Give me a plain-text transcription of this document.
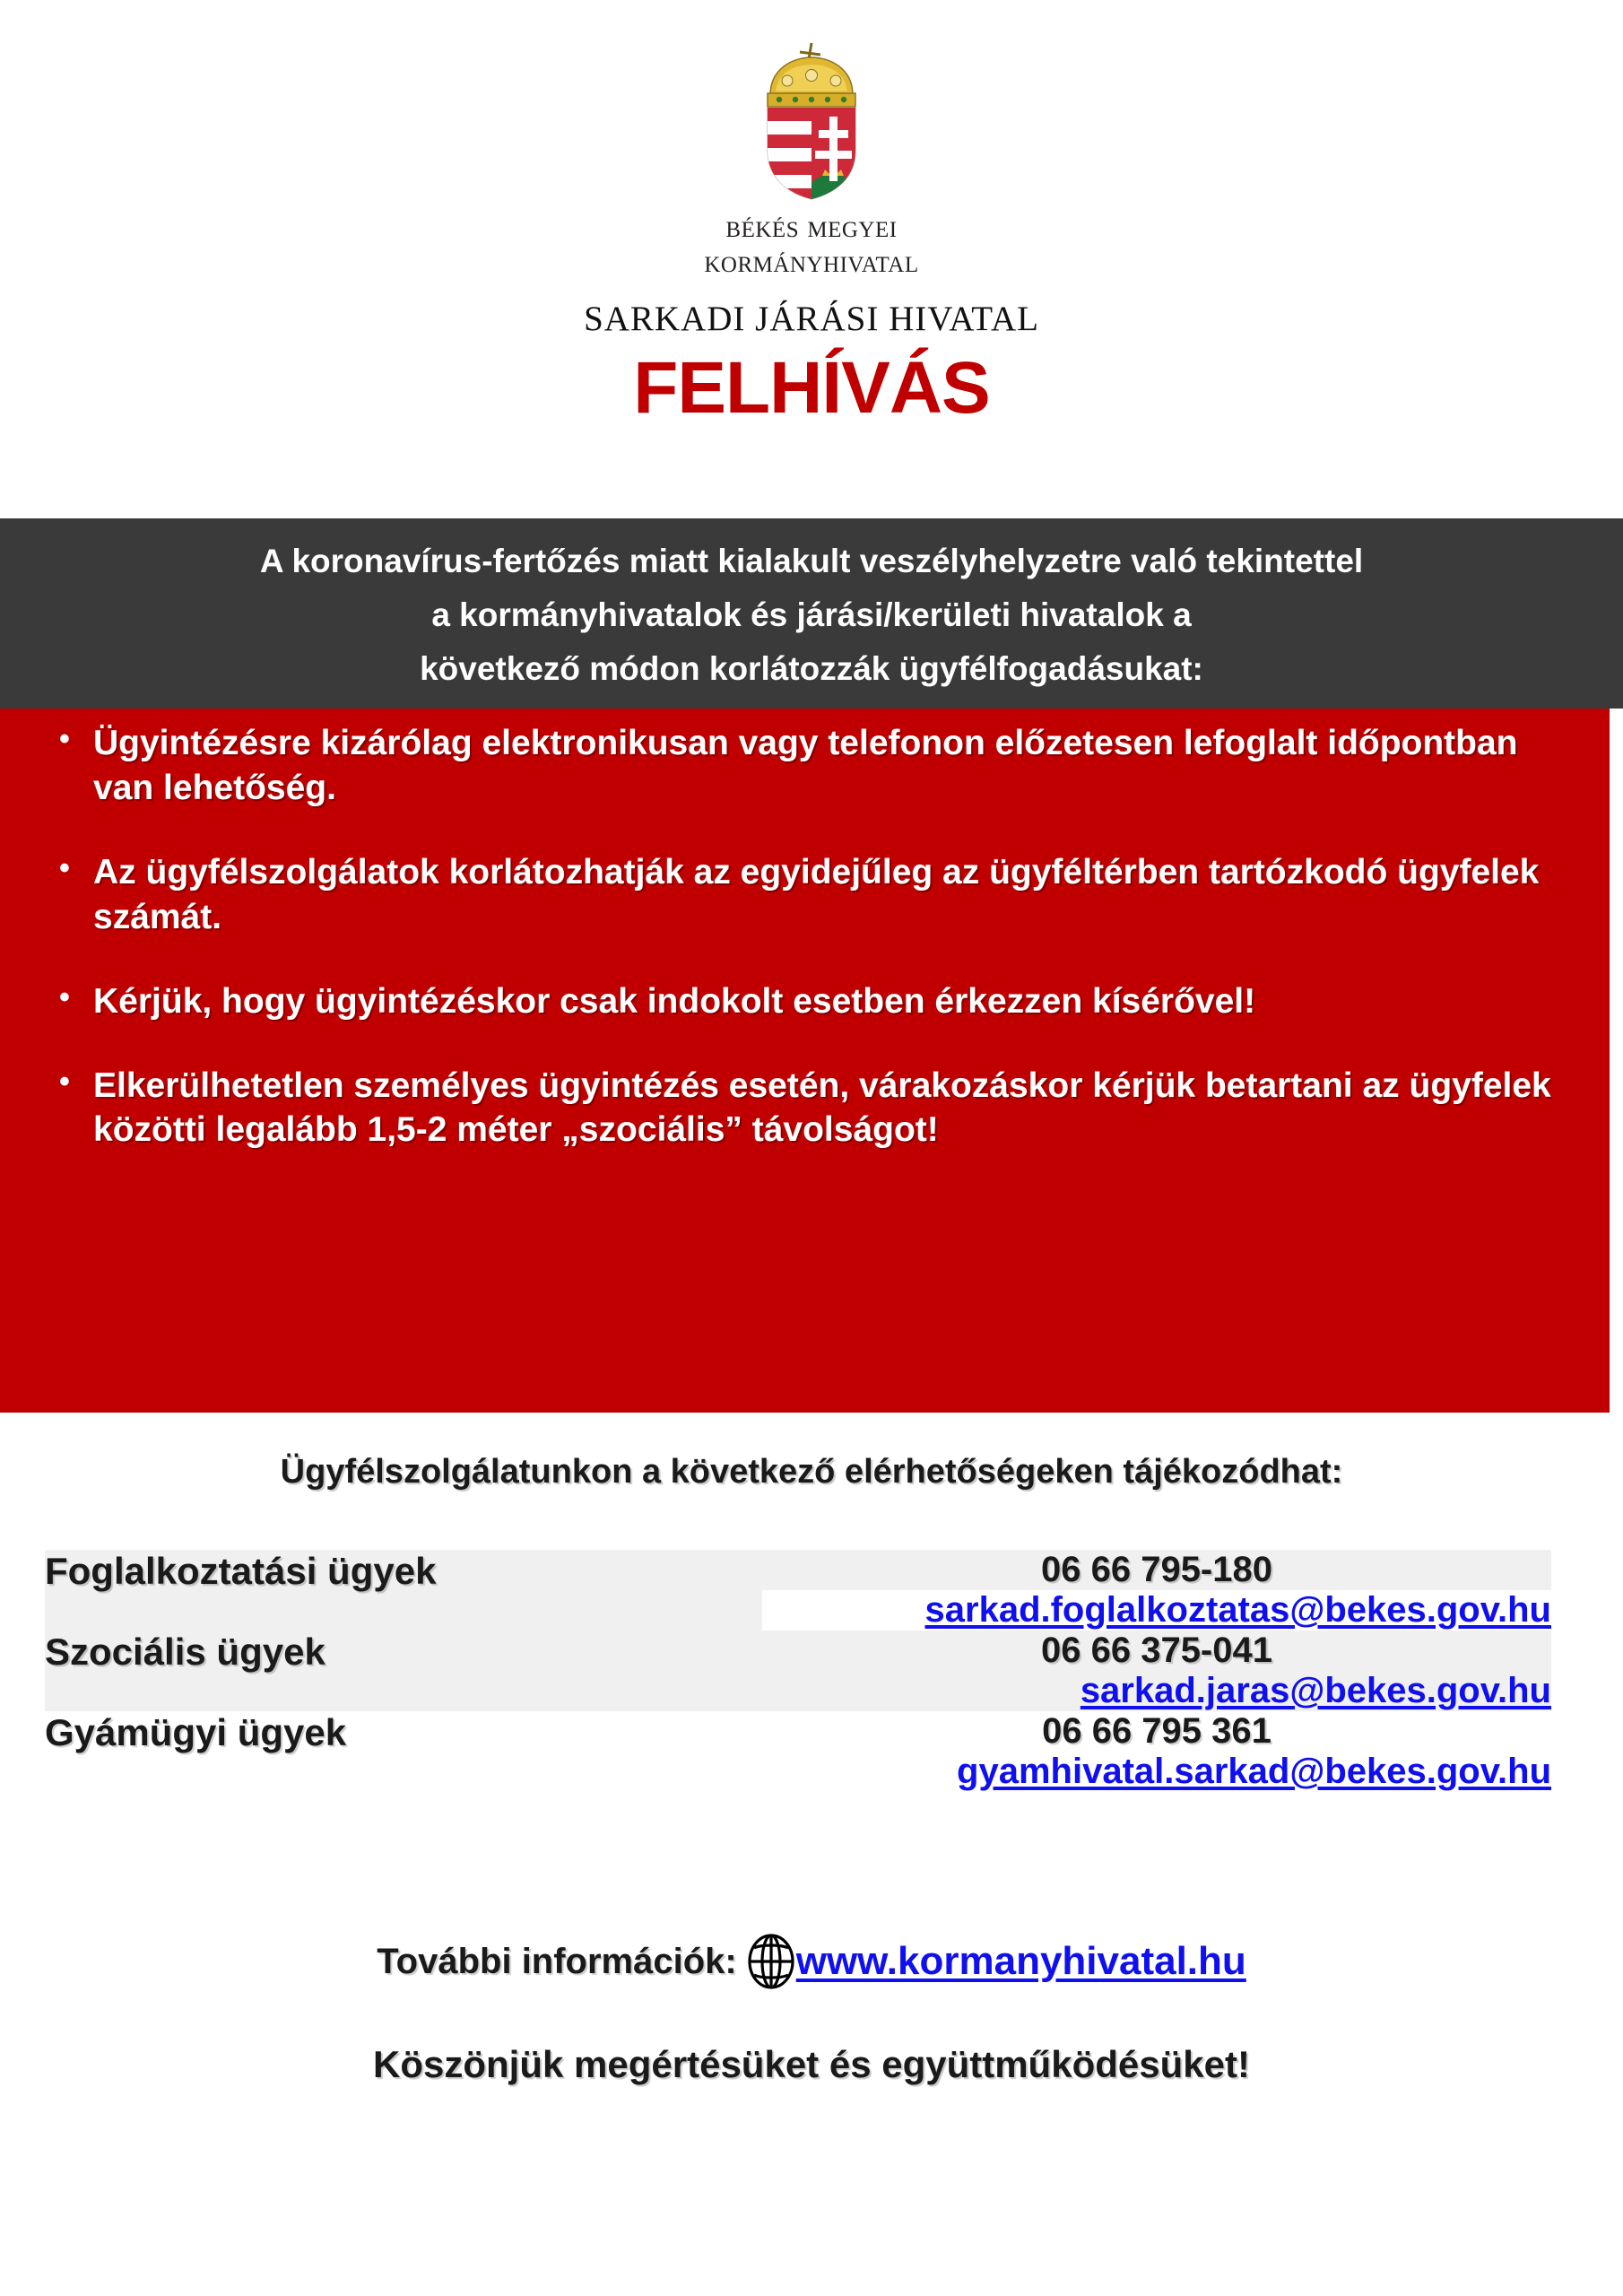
békés megyei
kormányhivatal
SARKADI JÁRÁSI HIVATAL
FELHÍVÁS

A koronavírus-fertőzés miatt kialakult veszélyhelyzetre való tekintettel

a kormányhivatalok és járási/kerületi hivatalok a

következő módon korlátozzák ügyfélfogadásukat:

• Ügyintézésre kizárólag elektronikusan vagy telefonon előzetesen lefoglalt időpontban van lehetőség.
• Az ügyfélszolgálatok korlátozhatják az egyidejűleg az ügyféltérben tartózkodó ügyfelek számát.
• Kérjük, hogy ügyintézéskor csak indokolt esetben érkezzen kísérővel!
• Elkerülhetetlen személyes ügyintézés esetén, várakozáskor kérjük betartani az ügyfelek közötti legalább 1,5-2 méter „szociális” távolságot!
Ügyfélszolgálatunkon a következő elérhetőségeken tájékozódhat:
Foglalkoztatási ügyek	06 66 795-180
	sarkad.foglalkoztatas@bekes.gov.hu
Szociális ügyek	06 66 375-041
	sarkad.jaras@bekes.gov.hu
Gyámügyi ügyek	06 66 795 361
	gyamhivatal.sarkad@bekes.gov.hu
További információk: www.kormanyhivatal.hu
Köszönjük megértésüket és együttműködésüket!
